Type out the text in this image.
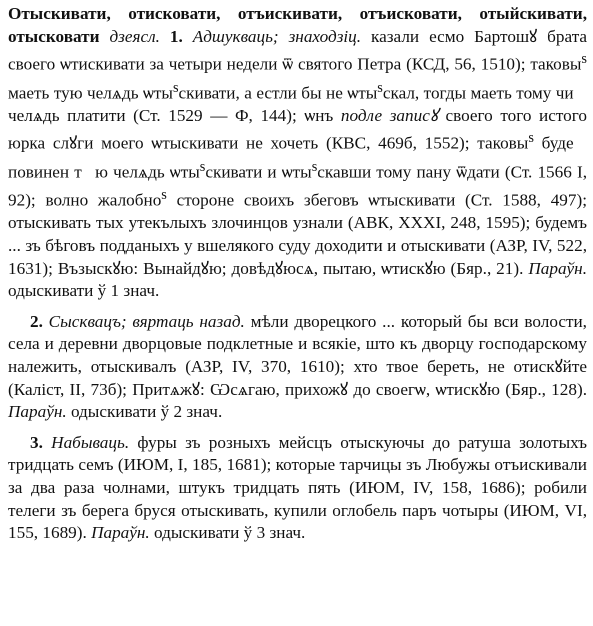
Отыскивати, отисковати, отъискивати, отъисковати, отыйскивати, отысковати дзеясл. 1. Адшукваць; знаходзіц. казали есмо Бартошꙋ брата своего ѡтискивати за четыри недели ѿ святого Петра (КСД, 56, 1510); таковы$^s$ маеть тую челѧдь ѡты$^s$скивати, а естли бы не ѡты$^s$скал, тогды маеть тому чиⷨ челѧдь платити (Ст. 1529 — Ф, 144); ѡнъ подле записꙋ своего того истого юрка слꙋги моего ѡтыскивати не хочеть (КВС, 469б, 1552); таковы$^s$ будеⷮ повинен тꙋю челѧдь ѡты$^s$скивати и ѡты$^s$скавши тому пану ѿдати (Ст. 1566 I, 92); волно жалобно$^s$ стороне своихъ збеговъ ѡтыскивати (Ст. 1588, 497); отыскивать тых утекълыхъ злочинцов узнали (АВК, XXXI, 248, 1595); будемъ ... зъ бѣговъ подданыхъ у вшелякого суду доходити и отыскивати (АЗР, IV, 522, 1631); Възыскꙋю: Вынайдꙋю; довѣдꙋюсѧ, пытаю, ѡтискꙋю (Бяр., 21). Параўн. одыскивати ў 1 знач.

2. Сысквацъ; вяртаць назад. мѣли дворецкого ... который бы вси волости, села и деревни дворцовые подклетные и всякіе, што къ дворцу господарскому належить, отыскивалъ (АЗР, IV, 370, 1610); хто твое береть, не отискꙋйте (Каліст, II, 73б); Притѧжꙋ: Ѡсѧгаю, прихожꙋ до своегѡ, ѡтискꙋю (Бяр., 128). Параўн. одыскивати ў 2 знач.

3. Набываць. фуры зъ розныхъ мейсцъ отыскуючы до ратуша золотыхъ тридцать семъ (ИЮМ, I, 185, 1681); которые тарчицы зъ Любужы отъискивали за два раза чолнами, штукъ тридцать пять (ИЮМ, IV, 158, 1686); робили телеги зъ берега бруся отыскивать, купили оглобель паръ чотыры (ИЮМ, VI, 155, 1689). Параўн. одыскивати ў 3 знач.
